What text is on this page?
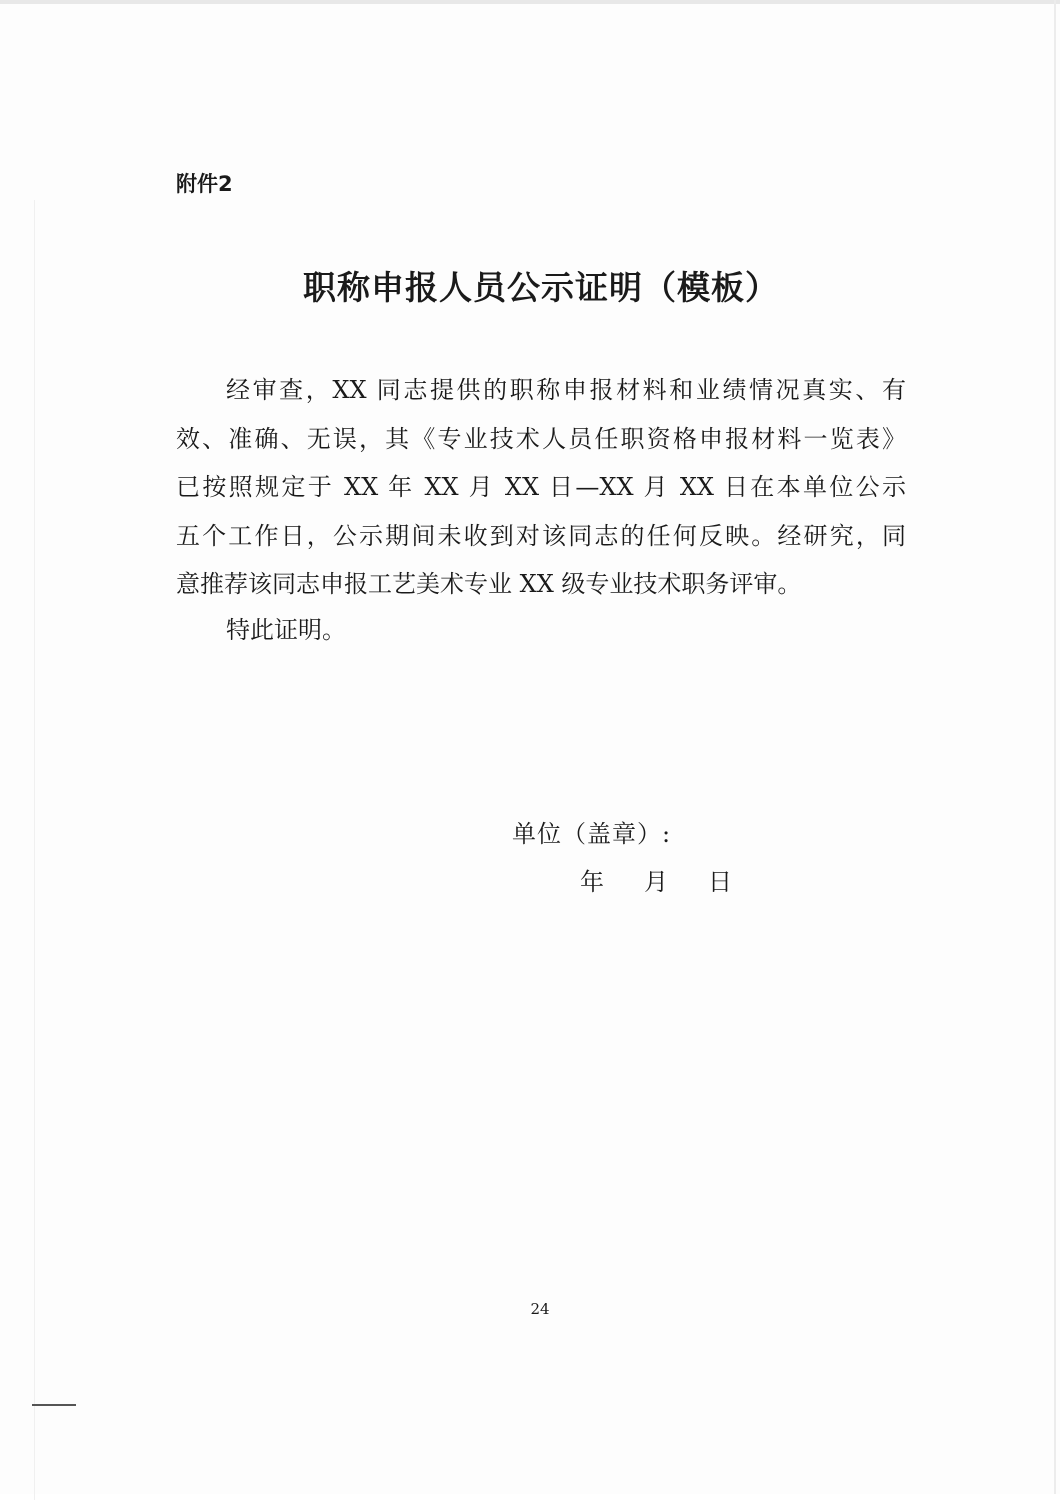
附件2
职称申报人员公示证明（模板）
经审查，XX 同志提供的职称申报材料和业绩情况真实、有
效、准确、无误，其《专业技术人员任职资格申报材料一览表》
已按照规定于 XX 年 XX 月 XX 日—XX 月 XX 日在本单位公示
五个工作日，公示期间未收到对该同志的任何反映。经研究，同
意推荐该同志申报工艺美术专业 XX 级专业技术职务评审。
特此证明。
单位（盖章）:
年	月	日
24
